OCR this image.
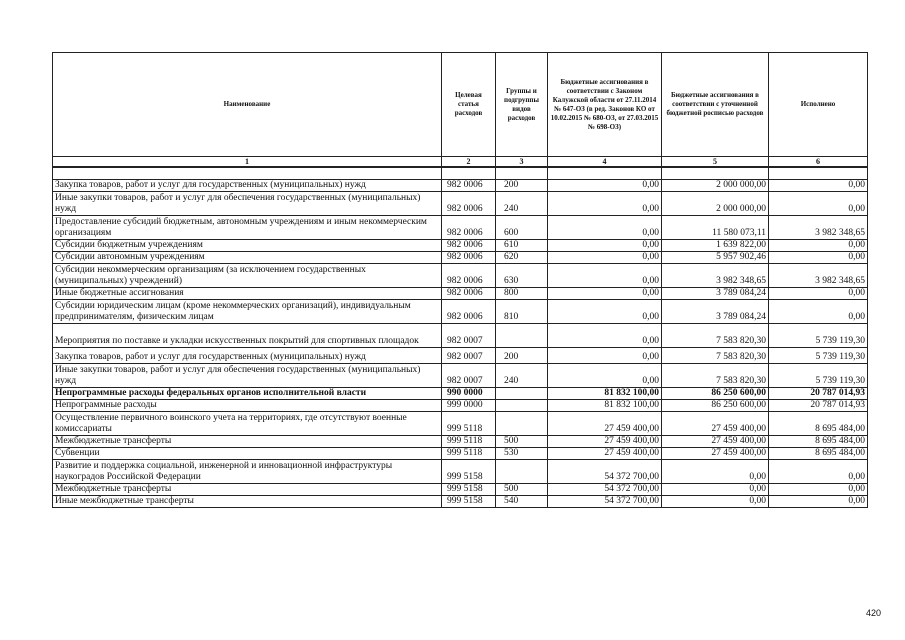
Наименование	Целевая статья расходов	Группы и подгруппы видов расходов	Бюджетные ассигнования в соответствии с Законом Калужской области от 27.11.2014 № 647-ОЗ (в ред. Законов КО от 10.02.2015 № 680-ОЗ, от 27.03.2015 № 698-ОЗ)	Бюджетные ассигнования в соответствии с уточненной бюджетной росписью расходов	Исполнено
1	2	3	4	5	6

Закупка товаров, работ и услуг для государственных (муниципальных) нужд	982 0006	200	0,00	2 000 000,00	0,00
Иные закупки товаров, работ и услуг для обеспечения государственных (муниципальных) нужд	982 0006	240	0,00	2 000 000,00	0,00
Предоставление субсидий бюджетным, автономным учреждениям и иным некоммерческим организациям	982 0006	600	0,00	11 580 073,11	3 982 348,65
Субсидии бюджетным учреждениям	982 0006	610	0,00	1 639 822,00	0,00
Субсидии автономным учреждениям	982 0006	620	0,00	5 957 902,46	0,00
Субсидии некоммерческим организациям (за исключением государственных (муниципальных) учреждений)	982 0006	630	0,00	3 982 348,65	3 982 348,65
Иные бюджетные ассигнования	982 0006	800	0,00	3 789 084,24	0,00
Субсидии юридическим лицам (кроме некоммерческих организаций), индивидуальным предпринимателям, физическим лицам	982 0006	810	0,00	3 789 084,24	0,00
Мероприятия по поставке и укладки искусственных покрытий для спортивных площадок	982 0007		0,00	7 583 820,30	5 739 119,30
Закупка товаров, работ и услуг для государственных (муниципальных) нужд	982 0007	200	0,00	7 583 820,30	5 739 119,30
Иные закупки товаров, работ и услуг для обеспечения государственных (муниципальных) нужд	982 0007	240	0,00	7 583 820,30	5 739 119,30
Непрограммные расходы федеральных органов исполнительной власти	990 0000		81 832 100,00	86 250 600,00	20 787 014,93
Непрограммные расходы	999 0000		81 832 100,00	86 250 600,00	20 787 014,93
Осуществление первичного воинского учета на территориях, где отсутствуют военные комиссариаты	999 5118		27 459 400,00	27 459 400,00	8 695 484,00
Межбюджетные трансферты	999 5118	500	27 459 400,00	27 459 400,00	8 695 484,00
Субвенции	999 5118	530	27 459 400,00	27 459 400,00	8 695 484,00
Развитие и поддержка социальной, инженерной и инновационной инфраструктуры наукоградов Российской Федерации	999 5158		54 372 700,00	0,00	0,00
Межбюджетные трансферты	999 5158	500	54 372 700,00	0,00	0,00
Иные межбюджетные трансферты	999 5158	540	54 372 700,00	0,00	0,00
420
